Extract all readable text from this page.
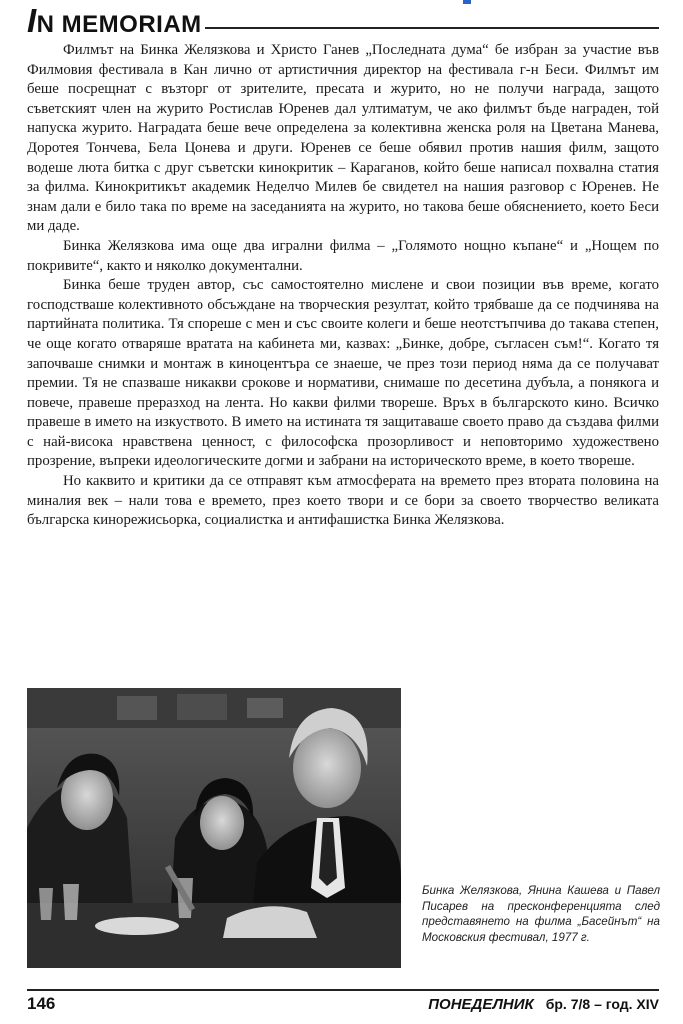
IN MEMORIAM

Филмът на Бинка Желязкова и Христо Ганев „Последната дума“ бе избран за участие във Филмовия фестивала в Кан лично от артистичния директор на фестивала г-н Беси. Филмът им беше посрещнат с възторг от зрителите, пресата и журито, но не получи награда, защото съветският член на журито Ростислав Юренев дал ултиматум, че ако филмът бъде награден, той напуска журито. Наградата беше вече определена за колективна женска роля на Цветана Манева, Доротея Тончева, Бела Цонева и други. Юренев се беше обявил против нашия филм, защото водеше люта битка с друг съветски кинокритик – Караганов, който беше написал похвална статия за филма. Кинокритикът академик Неделчо Милев бе свидетел на нашия разговор с Юренев. Не знам дали е било така по време на заседанията на журито, но такова беше обяснението, което Беси ми даде.

Бинка Желязкова има още два игрални филма – „Голямото нощно къпане“ и „Нощем по покривите“, както и няколко документални.

Бинка беше труден автор, със самостоятелно мислене и свои позиции във време, когато господстваше колективното обсъждане на творческия резултат, който трябваше да се подчинява на партийната политика. Тя спореше с мен и със своите колеги и беше неотстъпчива до такава степен, че още когато отваряше вратата на кабинета ми, казвах: „Бинке, добре, съгласен съм!“. Когато тя започваше снимки и монтаж в киноцентъра се знаеше, че през този период няма да се получават премии. Тя не спазваше никакви срокове и нормативи, снимаше по десетина дубъла, а понякога и повече, правеше преразход на лента. Но какви филми творeше. Връх в българското кино. Всичко правеше в името на изкуството. В името на истината тя защитаваше своето право да създава филми с най-висока нравствена ценност, с философска прозорливост и неповторимо художествено прозрение, въпреки идеологическите догми и забрани на историческото време, в което творeше.

Но каквито и критики да се отправят към атмосферата на времето през втората половина на миналия век – нали това е времето, през което твори и се бори за своето творчество великата българска кинорежисьорка, социалистка и антифашистка Бинка Желязкова.

Бинка Желязкова, Янина Кашева и Павел Писарев на пресконференцията след представянето на филма „Басейнът“ на Московския фестивал, 1977 г.
146	ПОНЕДЕЛНИК бр. 7/8 – год. XIV
